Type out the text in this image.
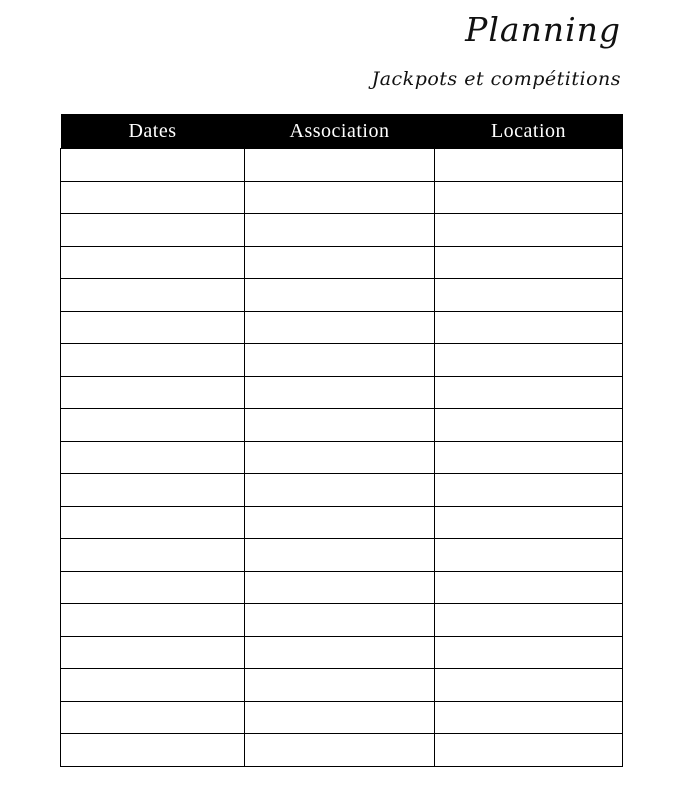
Planning
Jackpots et compétitions
Dates	Association	Location
